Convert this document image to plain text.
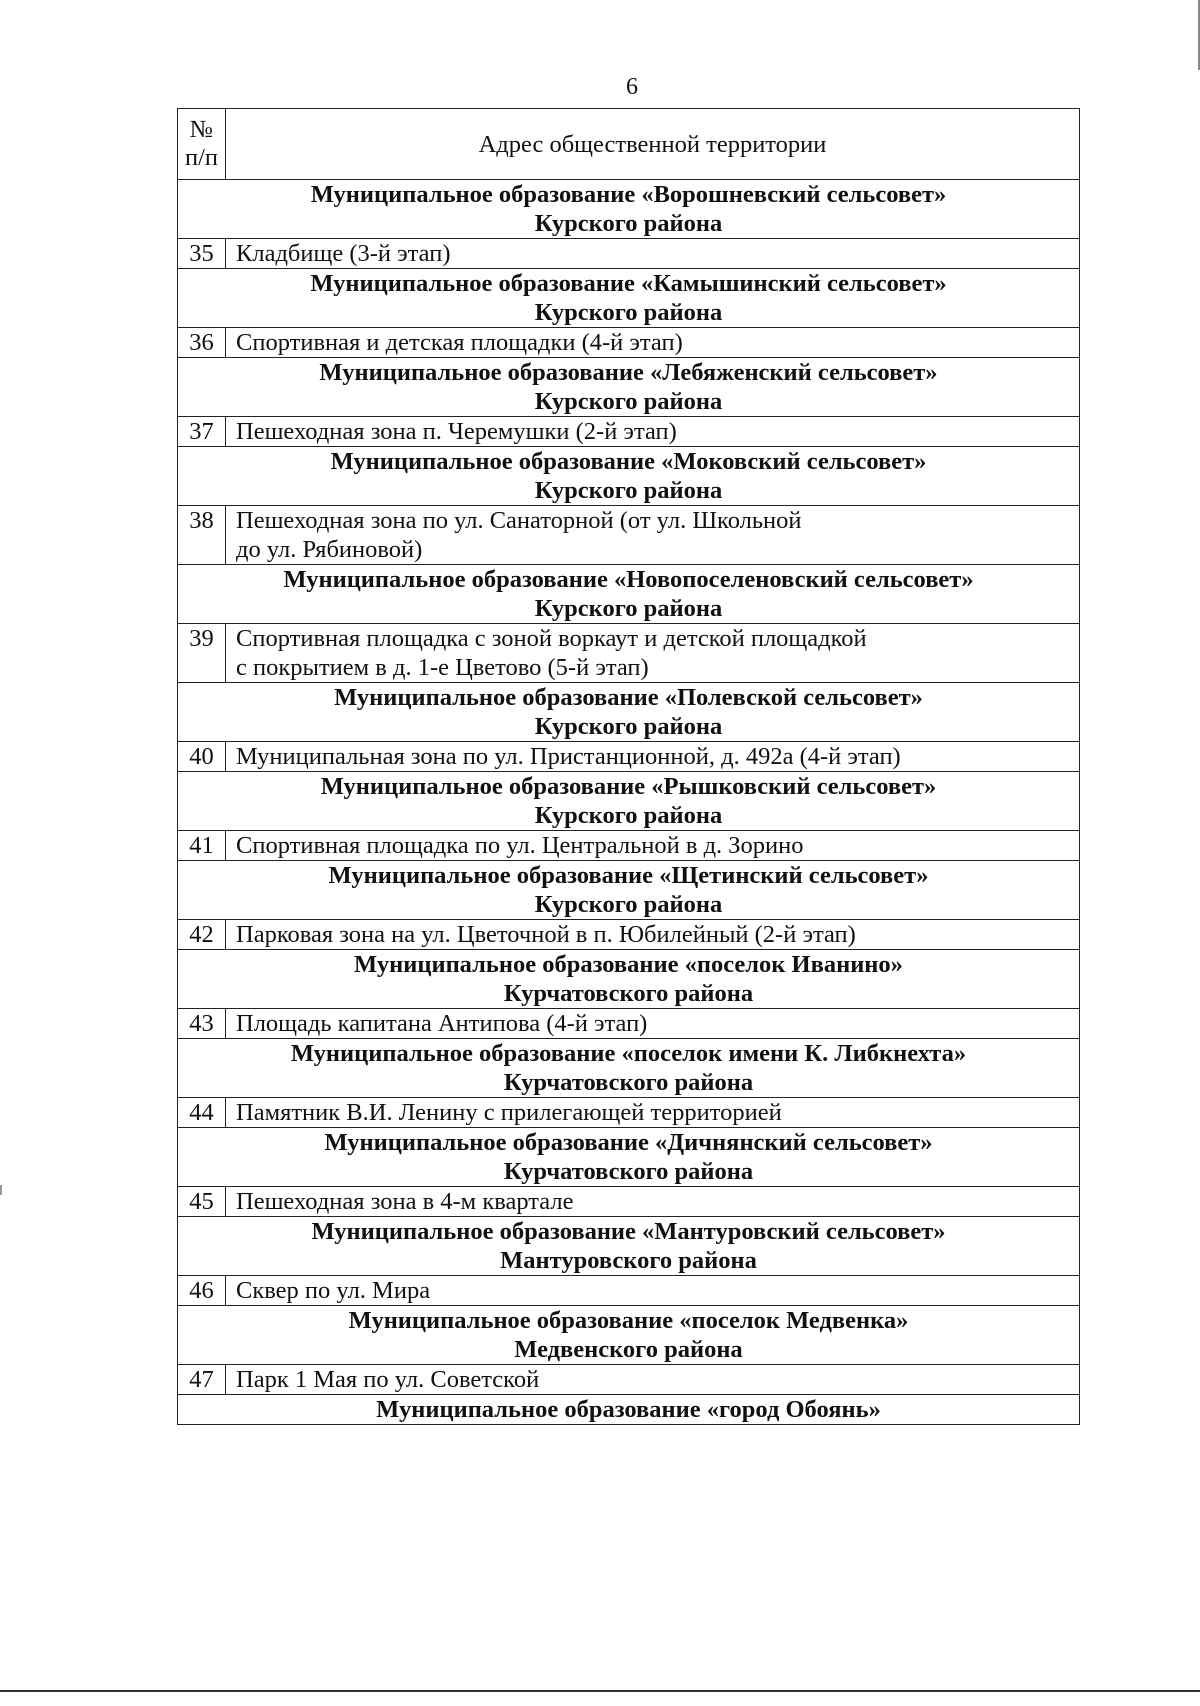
6
№
п/п	Адрес общественной территории
Муниципальное образование «Ворошневский сельсовет»
Курского района	
35	Кладбище (3-й этап)
Муниципальное образование «Камышинский сельсовет»
Курского района	
36	Спортивная и детская площадки (4-й этап)
Муниципальное образование «Лебяженский сельсовет»
Курского района	
37	Пешеходная зона п. Черемушки (2-й этап)
Муниципальное образование «Моковский сельсовет»
Курского района	
38	Пешеходная зона по ул. Санаторной (от ул. Школьной
до ул. Рябиновой)
Муниципальное образование «Новопоселеновский сельсовет»
Курского района	
39	Спортивная площадка с зоной воркаут и детской площадкой
с покрытием в д. 1-е Цветово (5-й этап)
Муниципальное образование «Полевской сельсовет»
Курского района	
40	Муниципальная зона по ул. Пристанционной, д. 492а (4-й этап)
Муниципальное образование «Рышковский сельсовет»
Курского района	
41	Спортивная площадка по ул. Центральной в д. Зорино
Муниципальное образование «Щетинский сельсовет»
Курского района	
42	Парковая зона на ул. Цветочной в п. Юбилейный (2-й этап)
Муниципальное образование «поселок Иванино»
Курчатовского района	
43	Площадь капитана Антипова (4-й этап)
Муниципальное образование «поселок имени К. Либкнехта»
Курчатовского района	
44	Памятник В.И. Ленину с прилегающей территорией
Муниципальное образование «Дичнянский сельсовет»
Курчатовского района	
45	Пешеходная зона в 4-м квартале
Муниципальное образование «Мантуровский сельсовет»
Мантуровского района	
46	Сквер по ул. Мира
Муниципальное образование «поселок Медвенка»
Медвенского района	
47	Парк 1 Мая по ул. Советской
Муниципальное образование «город Обоянь»	
